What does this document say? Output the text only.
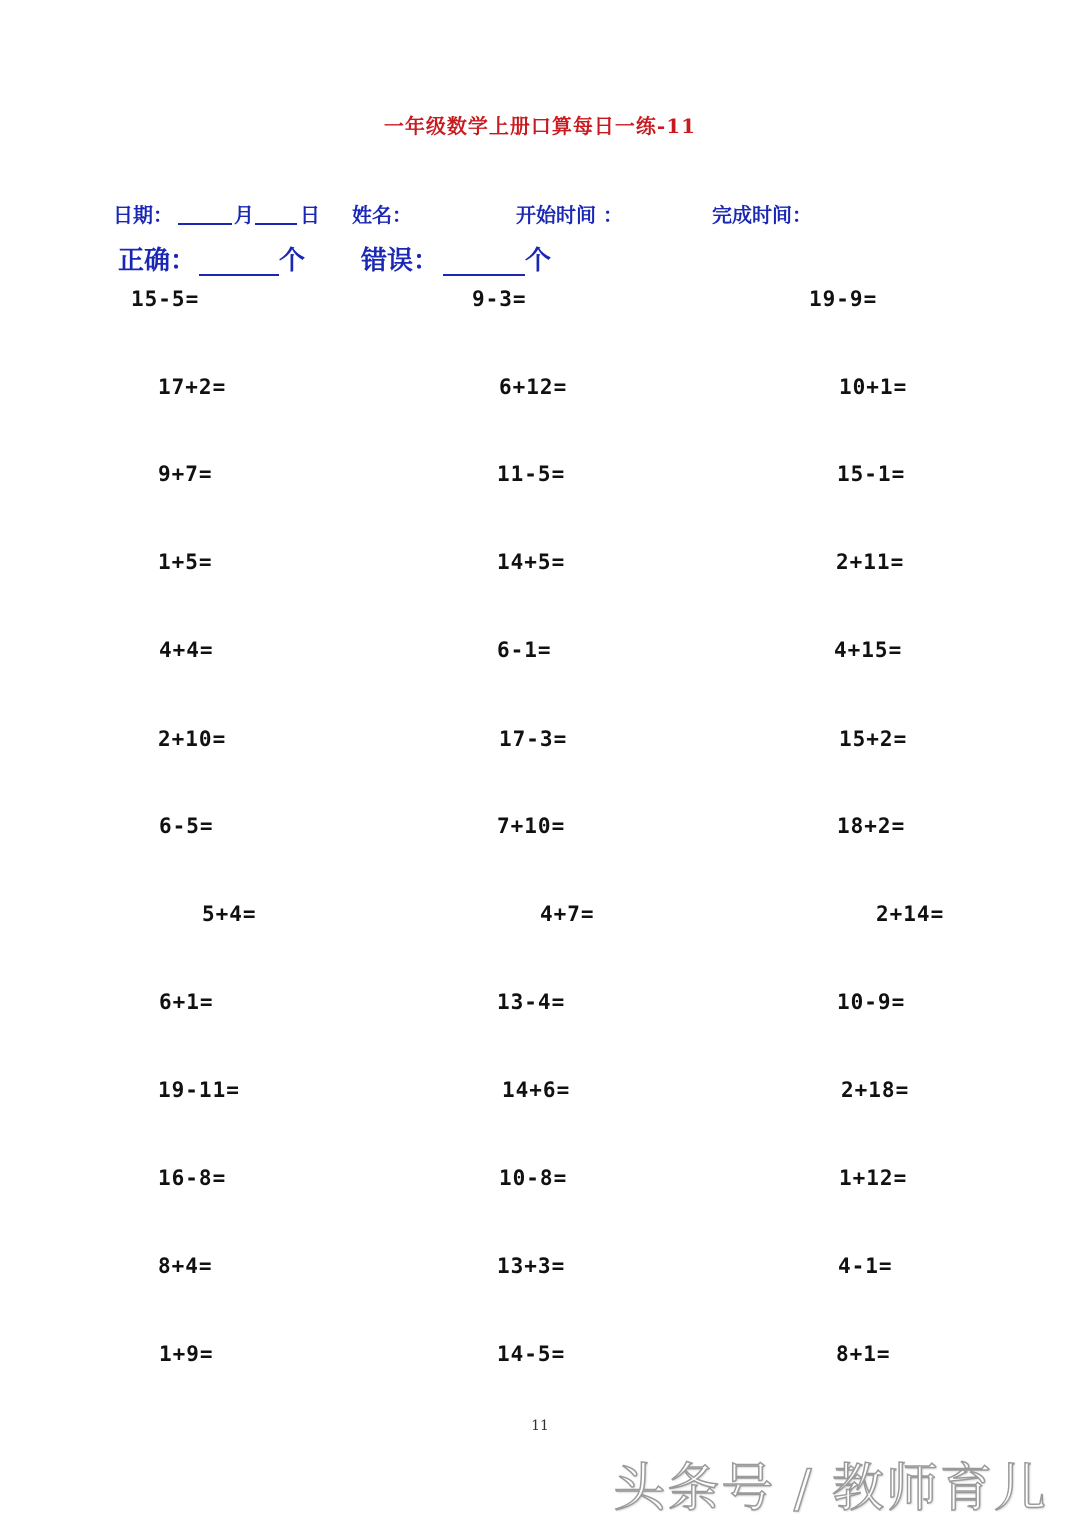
一年级数学上册口算每日一练-11
日期：	月 日 姓名：	开始时间 ：	完成时间：
正确：	个 错误：	个
15-5=	9-3=	19-9=
17+2=	6+12=	10+1=
9+7=	11-5=	15-1=
1+5=	14+5=	2+11=
4+4=	6-1=	4+15=
2+10=	17-3=	15+2=
6-5=	7+10=	18+2=
5+4=	4+7=	2+14=
6+1=	13-4=	10-9=
19-11=	14+6=	2+18=
16-8=	10-8=	1+12=
8+4=	13+3=	4-1=
1+9=	14-5=	8+1=
11
头条号 / 教师育儿
